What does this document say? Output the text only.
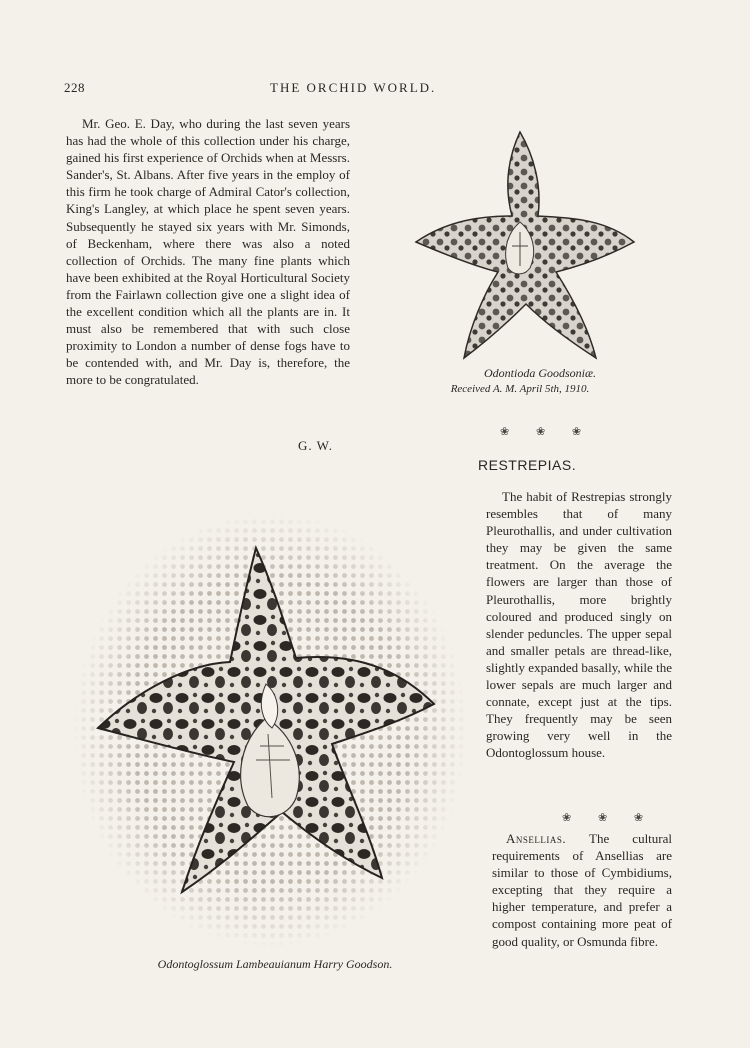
228	THE ORCHID WORLD.

Mr. Geo. E. Day, who during the last seven years has had the whole of this collection under his charge, gained his first experience of Orchids when at Messrs. Sander's, St. Albans. After five years in the employ of this firm he took charge of Admiral Cator's collection, King's Langley, at which place he spent seven years. Subsequently he stayed six years with Mr. Simonds, of Beckenham, where there was also a noted collection of Orchids. The many fine plants which have been exhibited at the Royal Horticultural Society from the Fairlawn collection give one a slight idea of the excellent condition which all the plants are in. It must also be remembered that with such close proximity to London a number of dense fogs have to be contended with, and Mr. Day is, therefore, the more to be congratulated.

G. W.
Odontioda Goodsoniæ.
Received A. M. April 5th, 1910.
❀ ❀ ❀
RESTREPIAS.

The habit of Restrepias strongly resembles that of many Pleurothallis, and under cultivation they may be given the same treatment. On the average the flowers are larger than those of Pleurothallis, more brightly coloured and produced singly on slender peduncles. The upper sepal and smaller petals are thread-like, slightly expanded basally, while the lower sepals are much larger and connate, except just at the tips. They frequently may be seen growing very well in the Odontoglossum house.

❀ ❀ ❀

Ansellias. The cultural requirements of Ansellias are similar to those of Cymbidiums, excepting that they require a higher temperature, and prefer a compost containing more peat of good quality, or Osmunda fibre.

Odontoglossum Lambeauianum Harry Goodson.
